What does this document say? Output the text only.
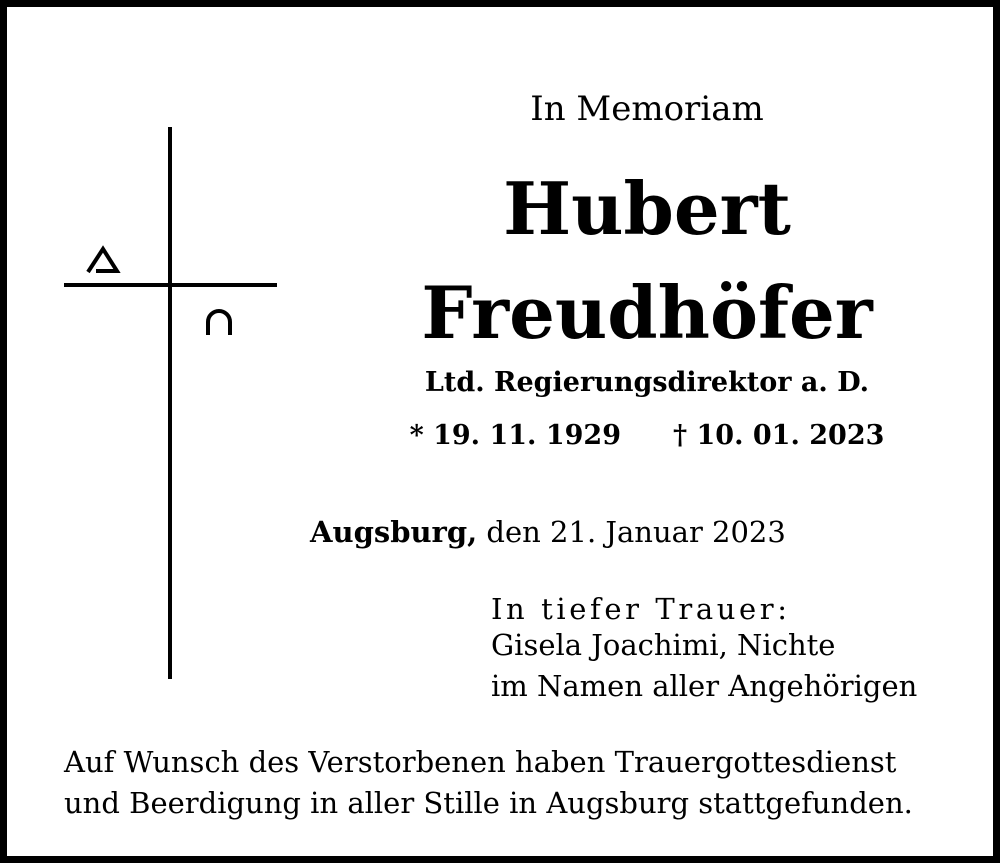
In Memoriam
Hubert
Freudhöfer
Ltd. Regierungsdirektor a. D.
* 19. 11. 1929 † 10. 01. 2023
Augsburg, den 21. Januar 2023
In tiefer Trauer:
Gisela Joachimi, Nichte
im Namen aller Angehörigen
Auf Wunsch des Verstorbenen haben Trauergottesdienst
und Beerdigung in aller Stille in Augsburg stattgefunden.
